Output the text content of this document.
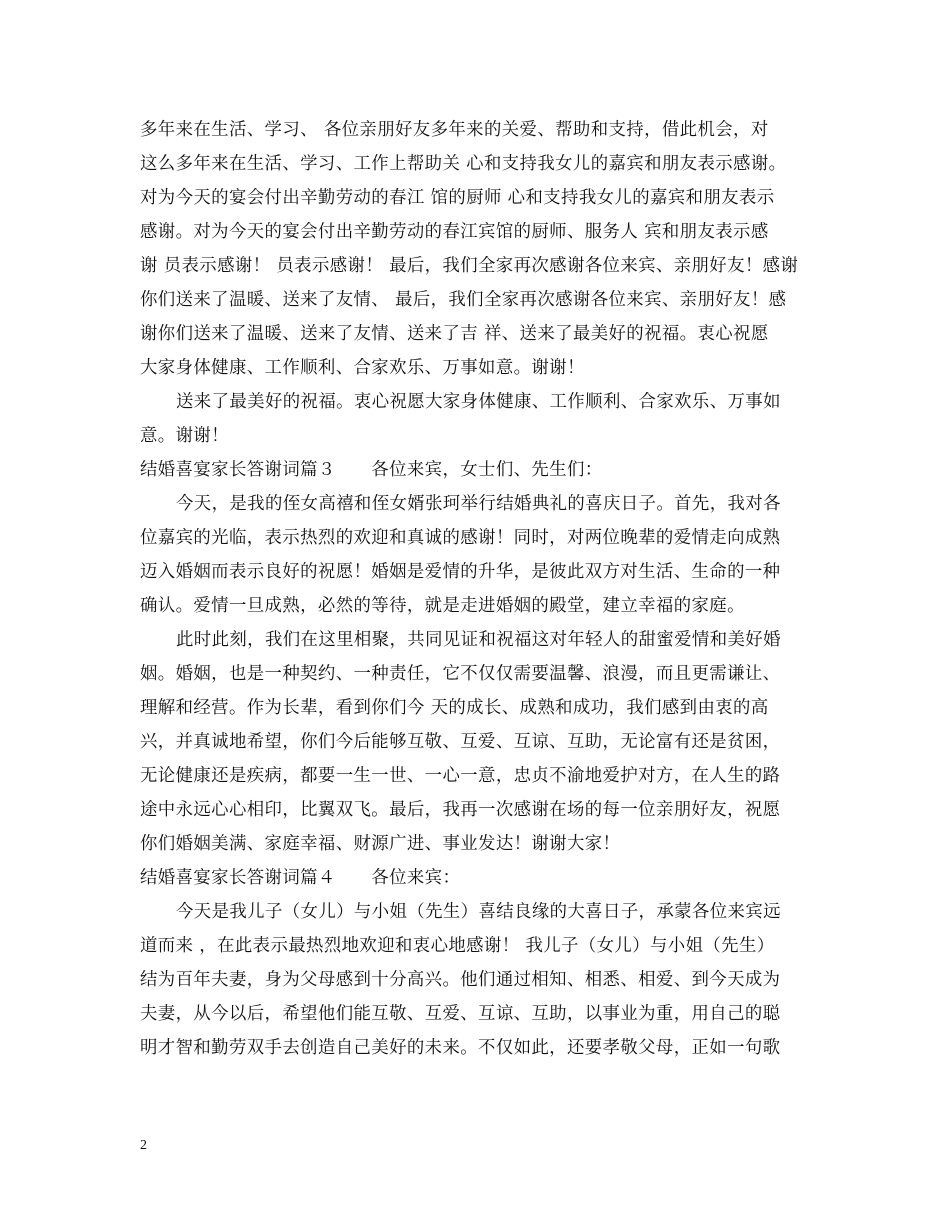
多年来在生活、学习、 各位亲朋好友多年来的关爱、帮助和支持，借此机会，对
这么多年来在生活、学习、工作上帮助关 心和支持我女儿的嘉宾和朋友表示感谢。
对为今天的宴会付出辛勤劳动的春江 馆的厨师 心和支持我女儿的嘉宾和朋友表示
感谢。对为今天的宴会付出辛勤劳动的春江宾馆的厨师、服务人 宾和朋友表示感
谢 员表示感谢！ 员表示感谢！ 最后，我们全家再次感谢各位来宾、亲朋好友！感谢
你们送来了温暖、送来了友情、 最后，我们全家再次感谢各位来宾、亲朋好友！感
谢你们送来了温暖、送来了友情、送来了吉 祥、送来了最美好的祝福。衷心祝愿
大家身体健康、工作顺利、合家欢乐、万事如意。谢谢！
送来了最美好的祝福。衷心祝愿大家身体健康、工作顺利、合家欢乐、万事如
意。谢谢！
结婚喜宴家长答谢词篇３　　各位来宾，女士们、先生们：
今天，是我的侄女高禧和侄女婿张珂举行结婚典礼的喜庆日子。首先，我对各
位嘉宾的光临，表示热烈的欢迎和真诚的感谢！同时，对两位晚辈的爱情走向成熟
迈入婚姻而表示良好的祝愿！婚姻是爱情的升华，是彼此双方对生活、生命的一种
确认。爱情一旦成熟，必然的等待，就是走进婚姻的殿堂，建立幸福的家庭。
此时此刻，我们在这里相聚，共同见证和祝福这对年轻人的甜蜜爱情和美好婚
姻。婚姻，也是一种契约、一种责任，它不仅仅需要温馨、浪漫，而且更需谦让、
理解和经营。作为长辈，看到你们今 天的成长、成熟和成功，我们感到由衷的高
兴，并真诚地希望，你们今后能够互敬、互爱、互谅、互助，无论富有还是贫困，
无论健康还是疾病，都要一生一世、一心一意，忠贞不渝地爱护对方，在人生的路
途中永远心心相印，比翼双飞。最后，我再一次感谢在场的每一位亲朋好友，祝愿
你们婚姻美满、家庭幸福、财源广进、事业发达！谢谢大家！
结婚喜宴家长答谢词篇４　　各位来宾：
今天是我儿子（女儿）与小姐（先生）喜结良缘的大喜日子，承蒙各位来宾远
道而来 ，在此表示最热烈地欢迎和衷心地感谢！ 我儿子（女儿）与小姐（先生）
结为百年夫妻，身为父母感到十分高兴。他们通过相知、相悉、相爱、到今天成为
夫妻，从今以后，希望他们能互敬、互爱、互谅、互助，以事业为重，用自己的聪
明才智和勤劳双手去创造自己美好的未来。不仅如此，还要孝敬父母，正如一句歌
2
